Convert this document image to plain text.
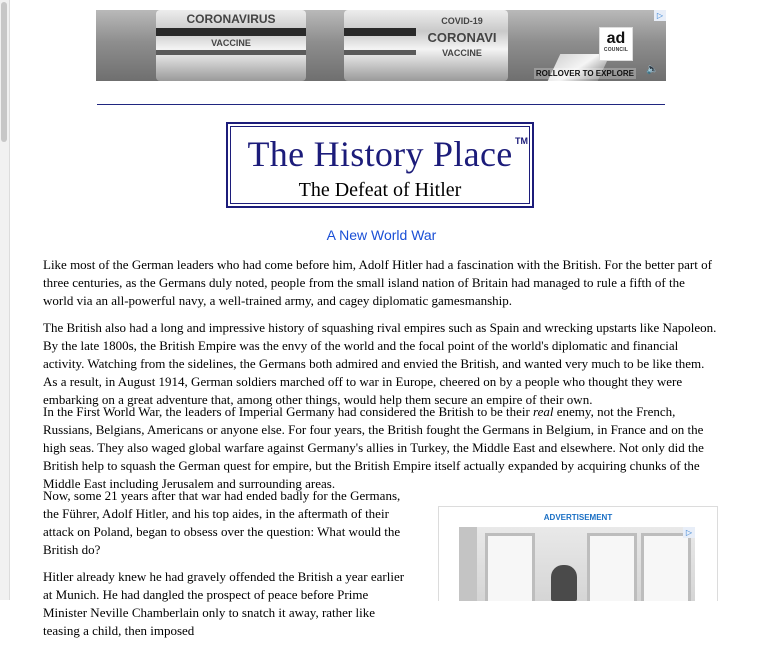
CORONAVIRUS
VACCINE
COVID-19
CORONAVI
VACCINE
ad
COUNCIL
ROLLOVER TO EXPLORE 🔈
▷
The History Place TM
The Defeat of Hitler
A New World War

Like most of the German leaders who had come before him, Adolf Hitler had a fascination with the British. For the better part of three centuries, as the Germans duly noted, people from the small island nation of Britain had managed to rule a fifth of the world via an all-powerful navy, a well-trained army, and cagey diplomatic gamesmanship.

The British also had a long and impressive history of squashing rival empires such as Spain and wrecking upstarts like Napoleon. By the late 1800s, the British Empire was the envy of the world and the focal point of the world's diplomatic and financial activity. Watching from the sidelines, the Germans both admired and envied the British, and wanted very much to be like them. As a result, in August 1914, German soldiers marched off to war in Europe, cheered on by a people who thought they were embarking on a great adventure that, among other things, would help them secure an empire of their own.

In the First World War, the leaders of Imperial Germany had considered the British to be their real enemy, not the French, Russians, Belgians, Americans or anyone else. For four years, the British fought the Germans in Belgium, in France and on the high seas. They also waged global warfare against Germany's allies in Turkey, the Middle East and elsewhere. Not only did the British help to squash the German quest for empire, but the British Empire itself actually expanded by acquiring chunks of the Middle East including Jerusalem and surrounding areas.

Now, some 21 years after that war had ended badly for the Germans, the Führer, Adolf Hitler, and his top aides, in the aftermath of their attack on Poland, began to obsess over the question: What would the British do?

Hitler already knew he had gravely offended the British a year earlier at Munich. He had dangled the prospect of peace before Prime Minister Neville Chamberlain only to snatch it away, rather like teasing a child, then imposed

ADVERTISEMENT
▷
